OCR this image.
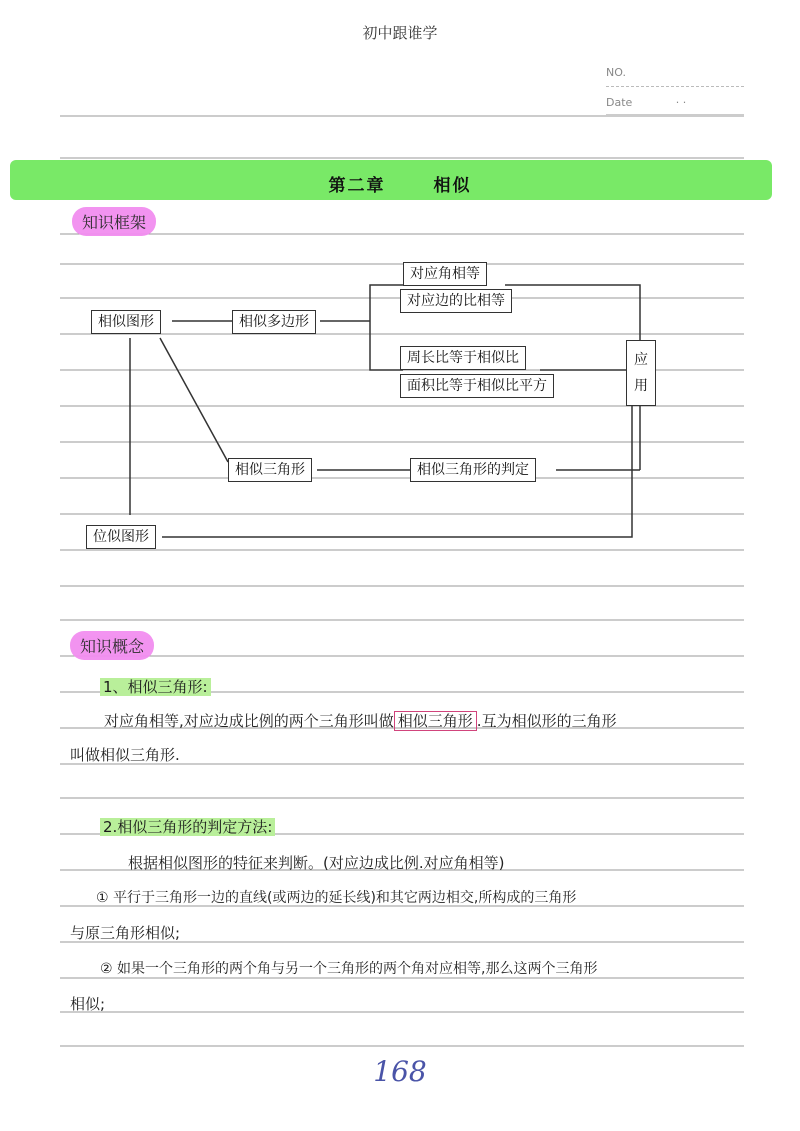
初中跟谁学
NO.
Date	· ·
第二章	相似
知识框架
相似图形	相似多边形
对应角相等
对应边的比相等
周长比等于相似比
面积比等于相似比平方
应用
相似三角形	相似三角形的判定
位似图形
知识概念
1、相似三角形:
对应角相等,对应边成比例的两个三角形叫做 相似三角形 .互为相似形的三角形
叫做相似三角形.
2.相似三角形的判定方法:
根据相似图形的特征来判断。(对应边成比例.对应角相等)
① 平行于三角形一边的直线(或两边的延长线)和其它两边相交,所构成的三角形
与原三角形相似;
② 如果一个三角形的两个角与另一个三角形的两个角对应相等,那么这两个三角形
相似;
168
